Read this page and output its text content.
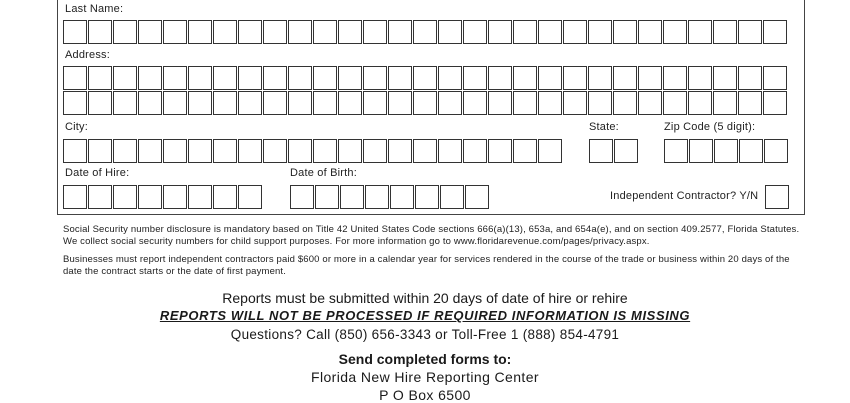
Last Name:
Address:
City:	State:	Zip Code (5 digit):
Date of Hire:	Date of Birth:
Independent Contractor? Y/N
Social Security number disclosure is mandatory based on Title 42 United States Code sections 666(a)(13), 653a, and 654a(e), and on section 409.2577, Florida Statutes. We collect social security numbers for child support purposes. For more information go to www.floridarevenue.com/pages/privacy.aspx.
Businesses must report independent contractors paid $600 or more in a calendar year for services rendered in the course of the trade or business within 20 days of the date the contract starts or the date of first payment.
Reports must be submitted within 20 days of date of hire or rehire
REPORTS WILL NOT BE PROCESSED IF REQUIRED INFORMATION IS MISSING
Questions? Call (850) 656-3343 or Toll-Free 1 (888) 854-4791
Send completed forms to:
Florida New Hire Reporting Center
P O Box 6500
